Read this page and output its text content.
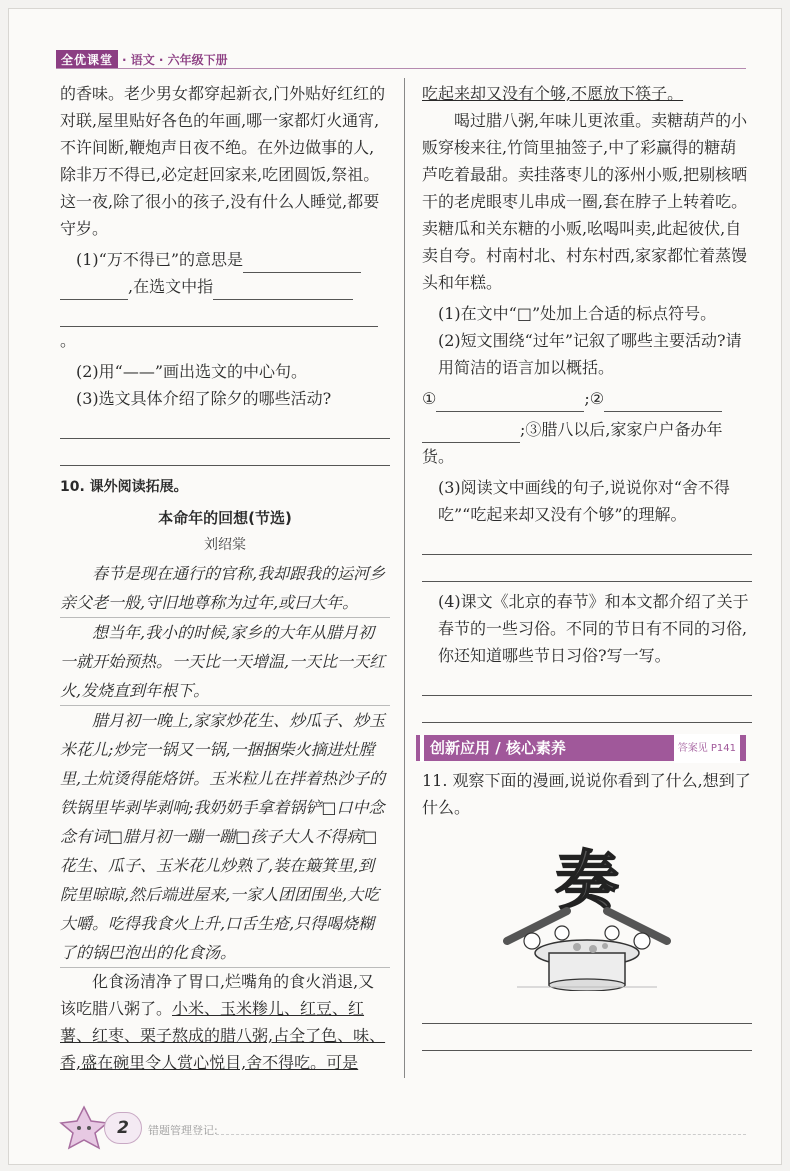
全优课堂 · 语文 · 六年级下册

的香味。老少男女都穿起新衣,门外贴好红红的对联,屋里贴好各色的年画,哪一家都灯火通宵,不许间断,鞭炮声日夜不绝。在外边做事的人,除非万不得已,必定赶回家来,吃团圆饭,祭祖。这一夜,除了很小的孩子,没有什么人睡觉,都要守岁。

(1)“万不得已”的意思是

,在选文中指

。

(2)用“——”画出选文的中心句。

(3)选文具体介绍了除夕的哪些活动?

10. 课外阅读拓展。

本命年的回想(节选)

刘绍棠

春节是现在通行的官称,我却跟我的运河乡亲父老一般,守旧地尊称为过年,或曰大年。

想当年,我小的时候,家乡的大年从腊月初一就开始预热。一天比一天增温,一天比一天红火,发烧直到年根下。

腊月初一晚上,家家炒花生、炒瓜子、炒玉米花儿;炒完一锅又一锅,一捆捆柴火摘进灶膛里,土炕烫得能烙饼。玉米粒儿在拌着热沙子的铁锅里毕剥毕剥响;我奶奶手拿着锅铲□口中念念有词□腊月初一蹦一蹦□孩子大人不得病□花生、瓜子、玉米花儿炒熟了,装在簸箕里,到院里晾晾,然后端进屋来,一家人团团围坐,大吃大嚼。吃得我食火上升,口舌生疮,只得喝烧糊了的锅巴泡出的化食汤。

化食汤清净了胃口,烂嘴角的食火消退,又该吃腊八粥了。小米、玉米糁儿、红豆、红薯、红枣、栗子熬成的腊八粥,占全了色、味、香,盛在碗里令人赏心悦目,舍不得吃。可是

吃起来却又没有个够,不愿放下筷子。

喝过腊八粥,年味儿更浓重。卖糖葫芦的小贩穿梭来往,竹筒里抽签子,中了彩赢得的糖葫芦吃着最甜。卖挂落枣儿的涿州小贩,把剔核晒干的老虎眼枣儿串成一圈,套在脖子上转着吃。卖糖瓜和关东糖的小贩,吆喝叫卖,此起彼伏,自卖自夸。村南村北、村东村西,家家都忙着蒸馒头和年糕。

(1)在文中“□”处加上合适的标点符号。

(2)短文围绕“过年”记叙了哪些主要活动?请用简洁的语言加以概括。

①	;②

;③腊八以后,家家户户备办年货。

(3)阅读文中画线的句子,说说你对“舍不得吃”“吃起来却又没有个够”的理解。

(4)课文《北京的春节》和本文都介绍了关于春节的一些习俗。不同的节日有不同的习俗,你还知道哪些节日习俗?写一写。

创新应用 / 核心素养	答案见 P141

11. 观察下面的漫画,说说你看到了什么,想到了什么。

奏
2	错题管理登记:
